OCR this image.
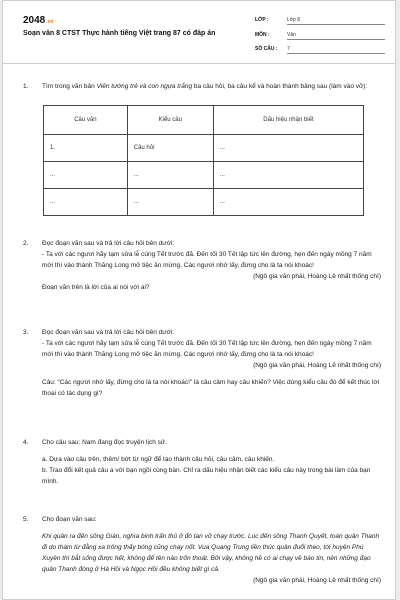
2048.vn
Soạn văn 8 CTST Thực hành tiếng Việt trang 87 có đáp án
LỚP :	Lớp 8
MÔN :	Văn
SỐ CÂU :	7
1. Tìm trong văn bản Viên tướng trẻ và con ngựa trắng ba câu hỏi, ba câu kể và hoàn thành bảng sau (làm vào vở):

Câu văn	Kiểu câu	Dấu hiệu nhận biết
1.	Câu hỏi	...
...	...	...
...	...	...
2. Đọc đoạn văn sau và trả lời câu hỏi bên dưới:

- Ta với các ngươi hãy tạm sửa lễ cúng Tết trước đã. Đến tối 30 Tết lập tức lên đường, hẹn đến ngày mồng 7 năm mới thì vào thành Thăng Long mở tiệc ăn mừng. Các ngươi nhớ lấy, đừng cho là ta nói khoác!

(Ngô gia văn phái, Hoàng Lê nhất thống chí)

Đoạn văn trên là lời của ai nói với ai?

3. Đọc đoạn văn sau và trả lời câu hỏi bên dưới:

- Ta với các ngươi hãy tạm sửa lễ cúng Tết trước đã. Đến tối 30 Tết lập tức lên đường, hẹn đến ngày mồng 7 năm mới thì vào thành Thăng Long mở tiệc ăn mừng. Các ngươi nhớ lấy, đừng cho là ta nói khoác!

(Ngô gia văn phái, Hoàng Lê nhất thống chí)

Câu: “Các ngươi nhớ lấy, đừng cho là ta nói khoác!” là câu cảm hay câu khiến? Việc dùng kiểu câu đó để kết thúc lời thoại có tác dụng gì?

4. Cho câu sau: Nam đang đọc truyện lịch sử.

a. Dựa vào câu trên, thêm/ bớt từ ngữ để tạo thành câu hỏi, câu cảm, câu khiến.

b. Trao đổi kết quả câu a với bạn ngồi cùng bàn. Chỉ ra dấu hiệu nhận biết các kiểu câu này trong bài làm của bạn mình.

5. Cho đoạn văn sau:

Khi quân ra đến sông Gián, nghìa binh trấn thủ ở đó tan vỡ chạy trước. Lúc đến sông Thanh Quyết, toán quân Thanh đi do thám từ đằng xa trông thấy bóng cũng chạy nốt. Vua Quang Trung liền thúc quân đuổi theo, tới huyện Phú Xuyên thì bắt sống được hết, không để tên nào trốn thoát. Bởi vậy, không hề có ai chạy về báo tin, nên những đạo quân Thanh đóng ở Hà Hồi và Ngọc Hồi đều không biết gì cả.

(Ngô gia văn phái, Hoàng Lê nhất thống chí)
